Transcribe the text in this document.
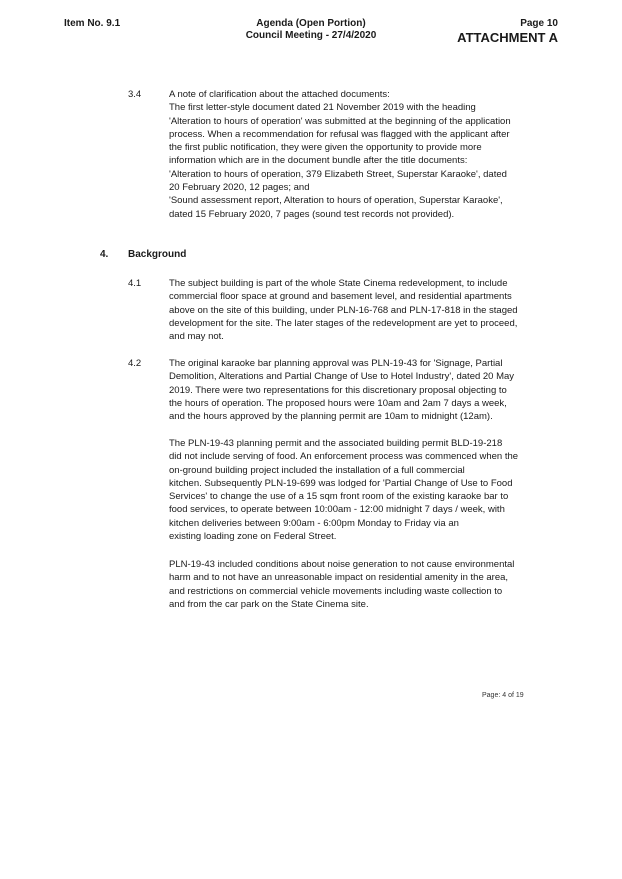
Item No. 9.1	Agenda (Open Portion)
Council Meeting - 27/4/2020
Page 10
ATTACHMENT A
3.4	A note of clarification about the attached documents:
The first letter-style document dated 21 November 2019 with the heading
'Alteration to hours of operation' was submitted at the beginning of the application
process. When a recommendation for refusal was flagged with the applicant after
the first public notification, they were given the opportunity to provide more
information which are in the document bundle after the title documents:
'Alteration to hours of operation, 379 Elizabeth Street, Superstar Karaoke', dated
20 February 2020, 12 pages; and
'Sound assessment report, Alteration to hours of operation, Superstar Karaoke',
dated 15 February 2020, 7 pages (sound test records not provided).
4. Background
4.1	The subject building is part of the whole State Cinema redevelopment, to include
commercial floor space at ground and basement level, and residential apartments
above on the site of this building, under PLN-16-768 and PLN-17-818 in the staged
development for the site. The later stages of the redevelopment are yet to proceed,
and may not.
4.2	The original karaoke bar planning approval was PLN-19-43 for 'Signage, Partial
Demolition, Alterations and Partial Change of Use to Hotel Industry', dated 20 May
2019. There were two representations for this discretionary proposal objecting to
the hours of operation. The proposed hours were 10am and 2am 7 days a week,
and the hours approved by the planning permit are 10am to midnight (12am).
The PLN-19-43 planning permit and the associated building permit BLD-19-218
did not include serving of food. An enforcement process was commenced when the
on-ground building project included the installation of a full commercial
kitchen. Subsequently PLN-19-699 was lodged for 'Partial Change of Use to Food
Services' to change the use of a 15 sqm front room of the existing karaoke bar to
food services, to operate between 10:00am - 12:00 midnight 7 days / week, with
kitchen deliveries between 9:00am - 6:00pm Monday to Friday via an
existing loading zone on Federal Street.
PLN-19-43 included conditions about noise generation to not cause environmental
harm and to not have an unreasonable impact on residential amenity in the area,
and restrictions on commercial vehicle movements including waste collection to
and from the car park on the State Cinema site.
Page: 4 of 19
